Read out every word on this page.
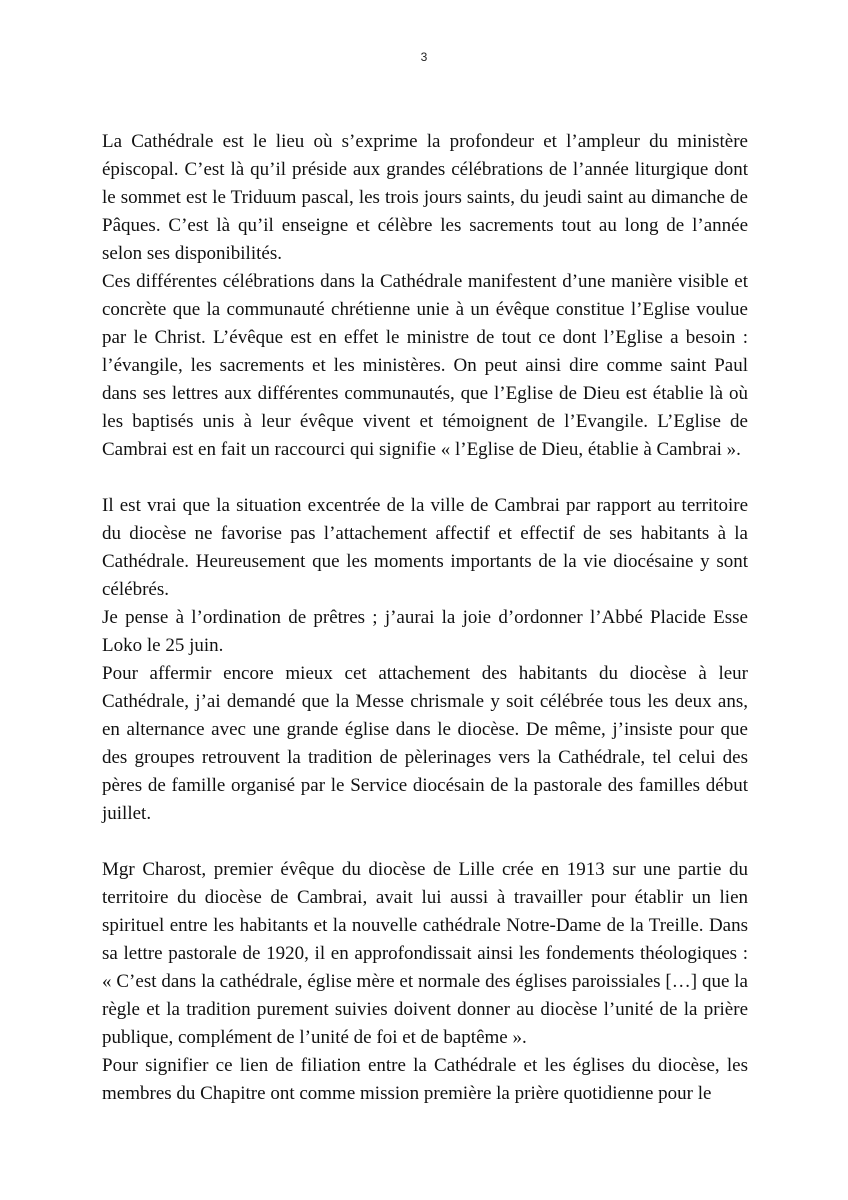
3

La Cathédrale est le lieu où s’exprime la profondeur et l’ampleur du ministère épiscopal. C’est là qu’il préside aux grandes célébrations de l’année liturgique dont le sommet est le Triduum pascal, les trois jours saints, du jeudi saint au dimanche de Pâques. C’est là qu’il enseigne et célèbre les sacrements tout au long de l’année selon ses disponibilités.

Ces différentes célébrations dans la Cathédrale manifestent d’une manière visible et concrète que la communauté chrétienne unie à un évêque constitue l’Eglise voulue par le Christ. L’évêque est en effet le ministre de tout ce dont l’Eglise a besoin : l’évangile, les sacrements et les ministères. On peut ainsi dire comme saint Paul dans ses lettres aux différentes communautés, que l’Eglise de Dieu est établie là où les baptisés unis à leur évêque vivent et témoignent de l’Evangile. L’Eglise de Cambrai est en fait un raccourci qui signifie « l’Eglise de Dieu, établie à Cambrai ».

Il est vrai que la situation excentrée de la ville de Cambrai par rapport au territoire du diocèse ne favorise pas l’attachement affectif et effectif de ses habitants à la Cathédrale. Heureusement que les moments importants de la vie diocésaine y sont célébrés.

Je pense à l’ordination de prêtres ; j’aurai la joie d’ordonner l’Abbé Placide Esse Loko le 25 juin.

Pour affermir encore mieux cet attachement des habitants du diocèse à leur Cathédrale, j’ai demandé que la Messe chrismale y soit célébrée tous les deux ans, en alternance avec une grande église dans le diocèse. De même, j’insiste pour que des groupes retrouvent la tradition de pèlerinages vers la Cathédrale, tel celui des pères de famille organisé par le Service diocésain de la pastorale des familles début juillet.

Mgr Charost, premier évêque du diocèse de Lille crée en 1913 sur une partie du territoire du diocèse de Cambrai, avait lui aussi à travailler pour établir un lien spirituel entre les habitants et la nouvelle cathédrale Notre-Dame de la Treille. Dans sa lettre pastorale de 1920, il en approfondissait ainsi les fondements théologiques : « C’est dans la cathédrale, église mère et normale des églises paroissiales […] que la règle et la tradition purement suivies doivent donner au diocèse l’unité de la prière publique, complément de l’unité de foi et de baptême ».

Pour signifier ce lien de filiation entre la Cathédrale et les églises du diocèse, les membres du Chapitre ont comme mission première la prière quotidienne pour le
